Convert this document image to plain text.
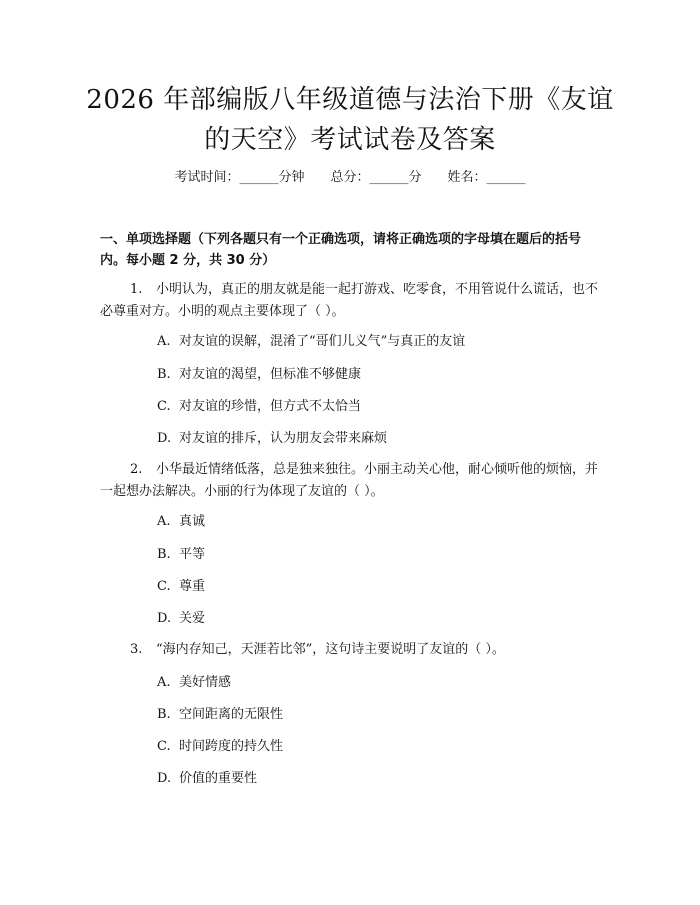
2026 年部编版八年级道德与法治下册《友谊
的天空》考试试卷及答案
考试时间：______分钟 总分：______分 姓名：______
一、单项选择题（下列各题只有一个正确选项，请将正确选项的字母填在题后的括号内。每小题 2 分，共 30 分）
1. 小明认为，真正的朋友就是能一起打游戏、吃零食，不用管说什么谎话，也不必尊重对方。小明的观点主要体现了（ ）。
A. 对友谊的误解，混淆了“哥们儿义气”与真正的友谊
B. 对友谊的渴望，但标准不够健康
C. 对友谊的珍惜，但方式不太恰当
D. 对友谊的排斥，认为朋友会带来麻烦
2. 小华最近情绪低落，总是独来独往。小丽主动关心他，耐心倾听他的烦恼，并一起想办法解决。小丽的行为体现了友谊的（ ）。
A. 真诚
B. 平等
C. 尊重
D. 关爱
3. “海内存知己，天涯若比邻”，这句诗主要说明了友谊的（ ）。
A. 美好情感
B. 空间距离的无限性
C. 时间跨度的持久性
D. 价值的重要性
